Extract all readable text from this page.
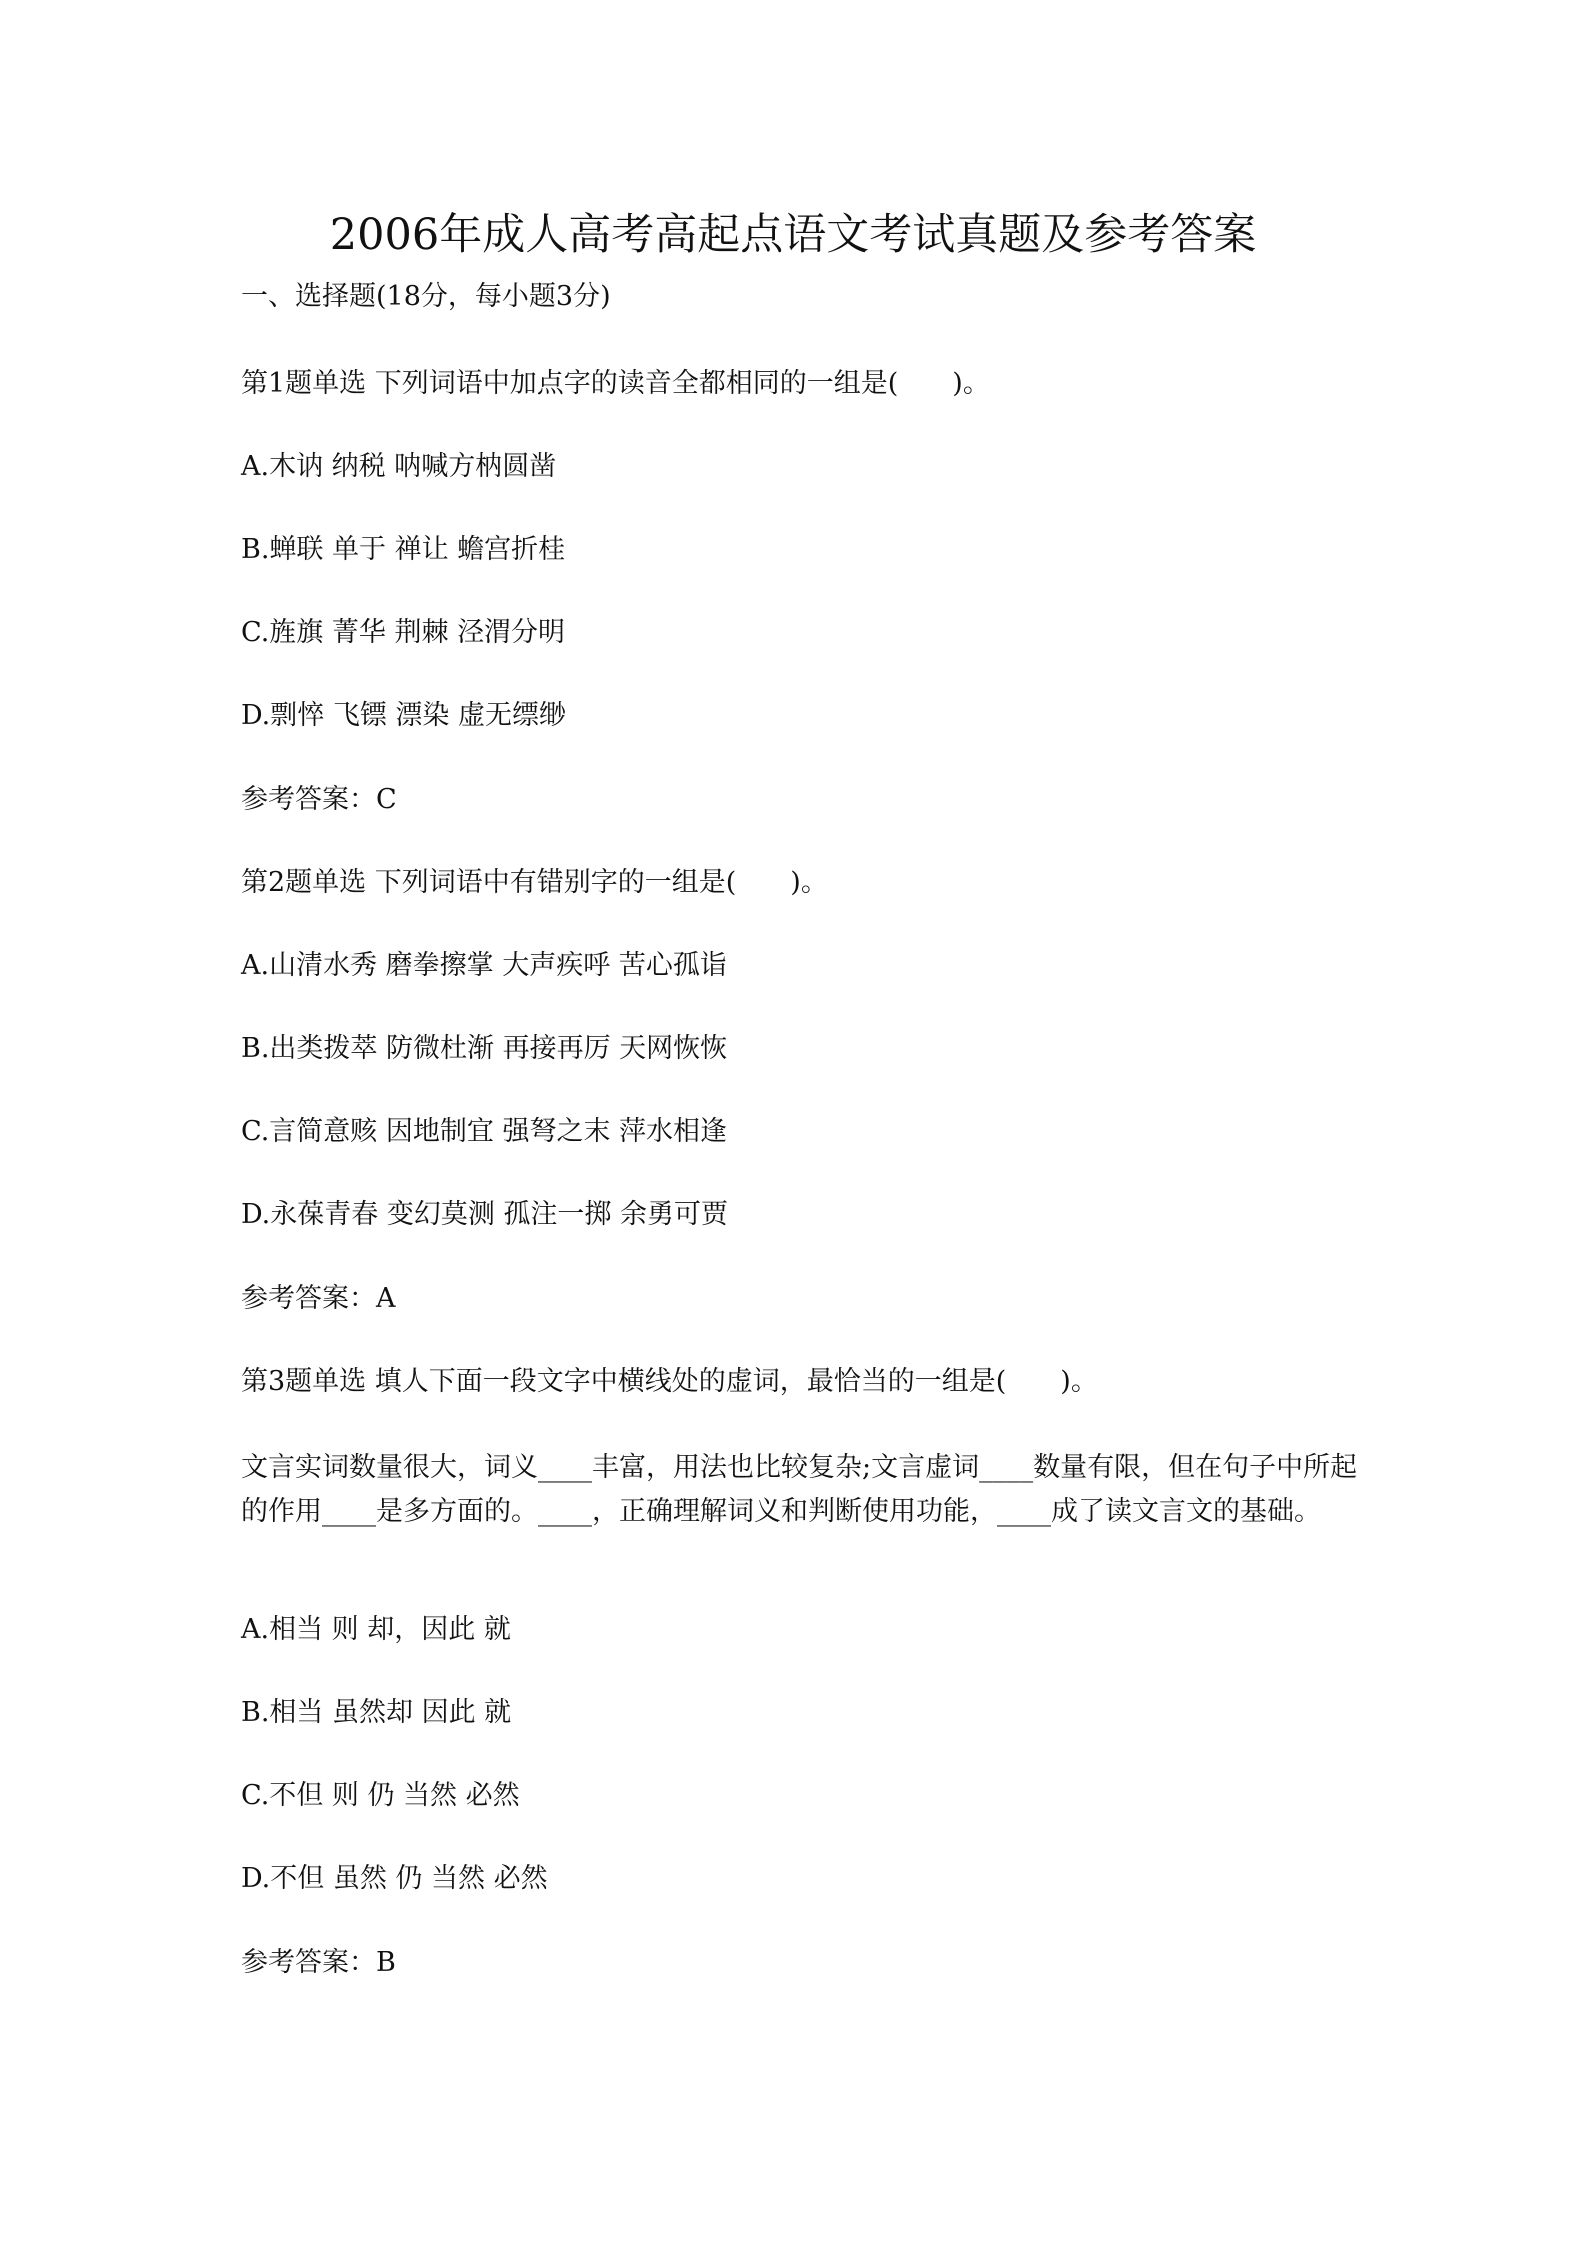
2006年成人高考高起点语文考试真题及参考答案
一、选择题(18分，每小题3分)
第1题单选 下列词语中加点字的读音全都相同的一组是(　　)。
A.木讷 纳税 呐喊方枘圆凿
B.蝉联 单于 禅让 蟾宫折桂
C.旌旗 菁华 荆棘 泾渭分明
D.剽悴 飞镖 漂染 虚无缥缈
参考答案：C
第2题单选 下列词语中有错别字的一组是(　　)。
A.山清水秀 磨拳擦掌 大声疾呼 苦心孤诣
B.出类拨萃 防微杜渐 再接再厉 天网恢恢
C.言简意赅 因地制宜 强弩之末 萍水相逢
D.永葆青春 变幻莫测 孤注一掷 余勇可贾
参考答案：A
第3题单选 填人下面一段文字中横线处的虚词，最恰当的一组是(　　)。
文言实词数量很大，词义____丰富，用法也比较复杂;文言虚词____数量有限，但在句子中所起的作用____是多方面的。____，正确理解词义和判断使用功能，____成了读文言文的基础。
A.相当 则 却，因此 就
B.相当 虽然却 因此 就
C.不但 则 仍 当然 必然
D.不但 虽然 仍 当然 必然
参考答案：B
